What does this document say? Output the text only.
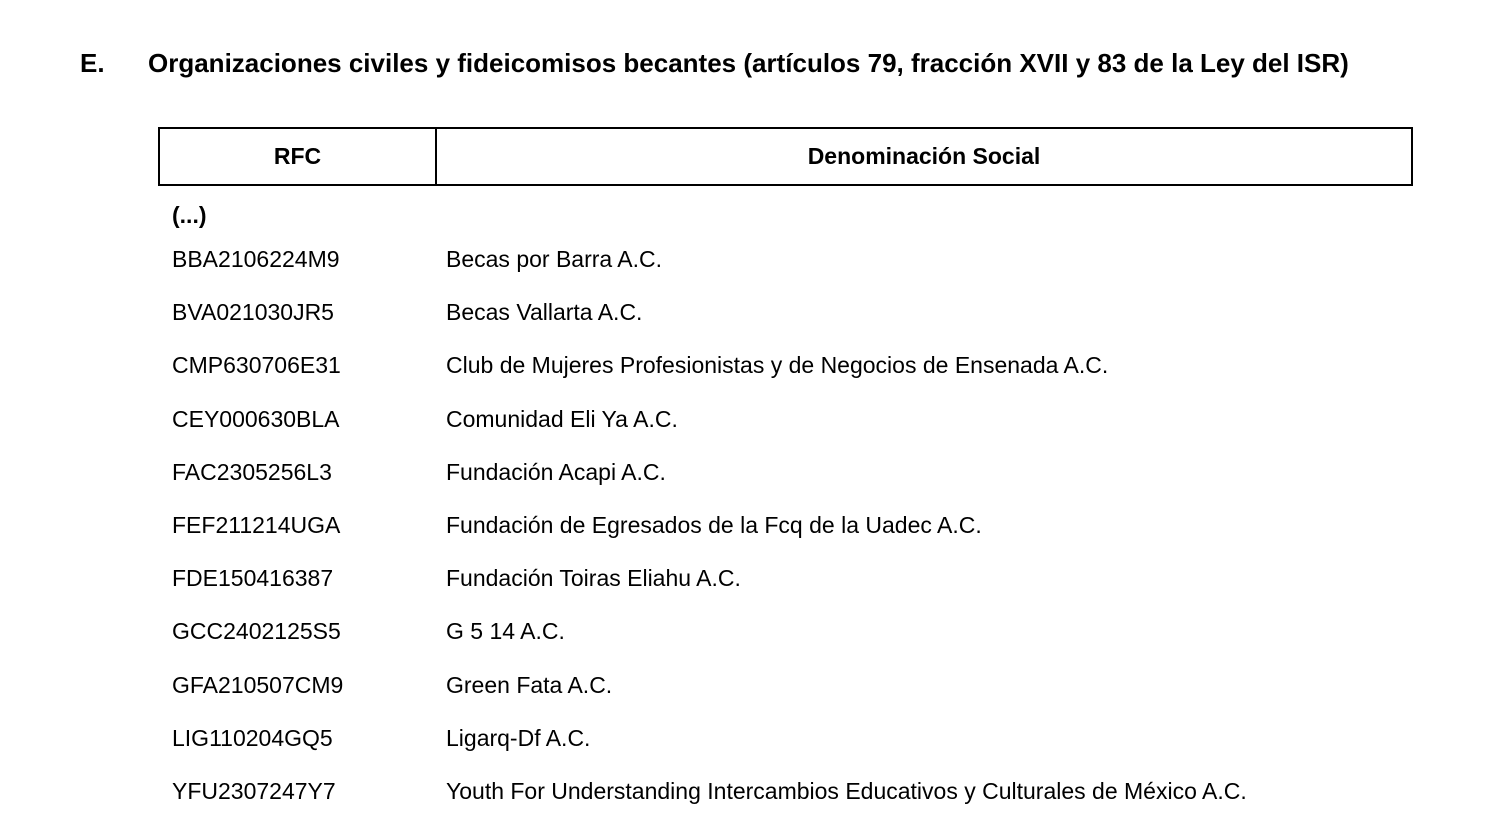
E. Organizaciones civiles y fideicomisos becantes (artículos 79, fracción XVII y 83 de la Ley del ISR)
RFC	Denominación Social
(...)
BBA2106224M9	Becas por Barra A.C.
BVA021030JR5	Becas Vallarta A.C.
CMP630706E31	Club de Mujeres Profesionistas y de Negocios de Ensenada A.C.
CEY000630BLA	Comunidad Eli Ya A.C.
FAC2305256L3	Fundación Acapi A.C.
FEF211214UGA	Fundación de Egresados de la Fcq de la Uadec A.C.
FDE150416387	Fundación Toiras Eliahu A.C.
GCC2402125S5	G 5 14 A.C.
GFA210507CM9	Green Fata A.C.
LIG110204GQ5	Ligarq-Df A.C.
YFU2307247Y7	Youth For Understanding Intercambios Educativos y Culturales de México A.C.
